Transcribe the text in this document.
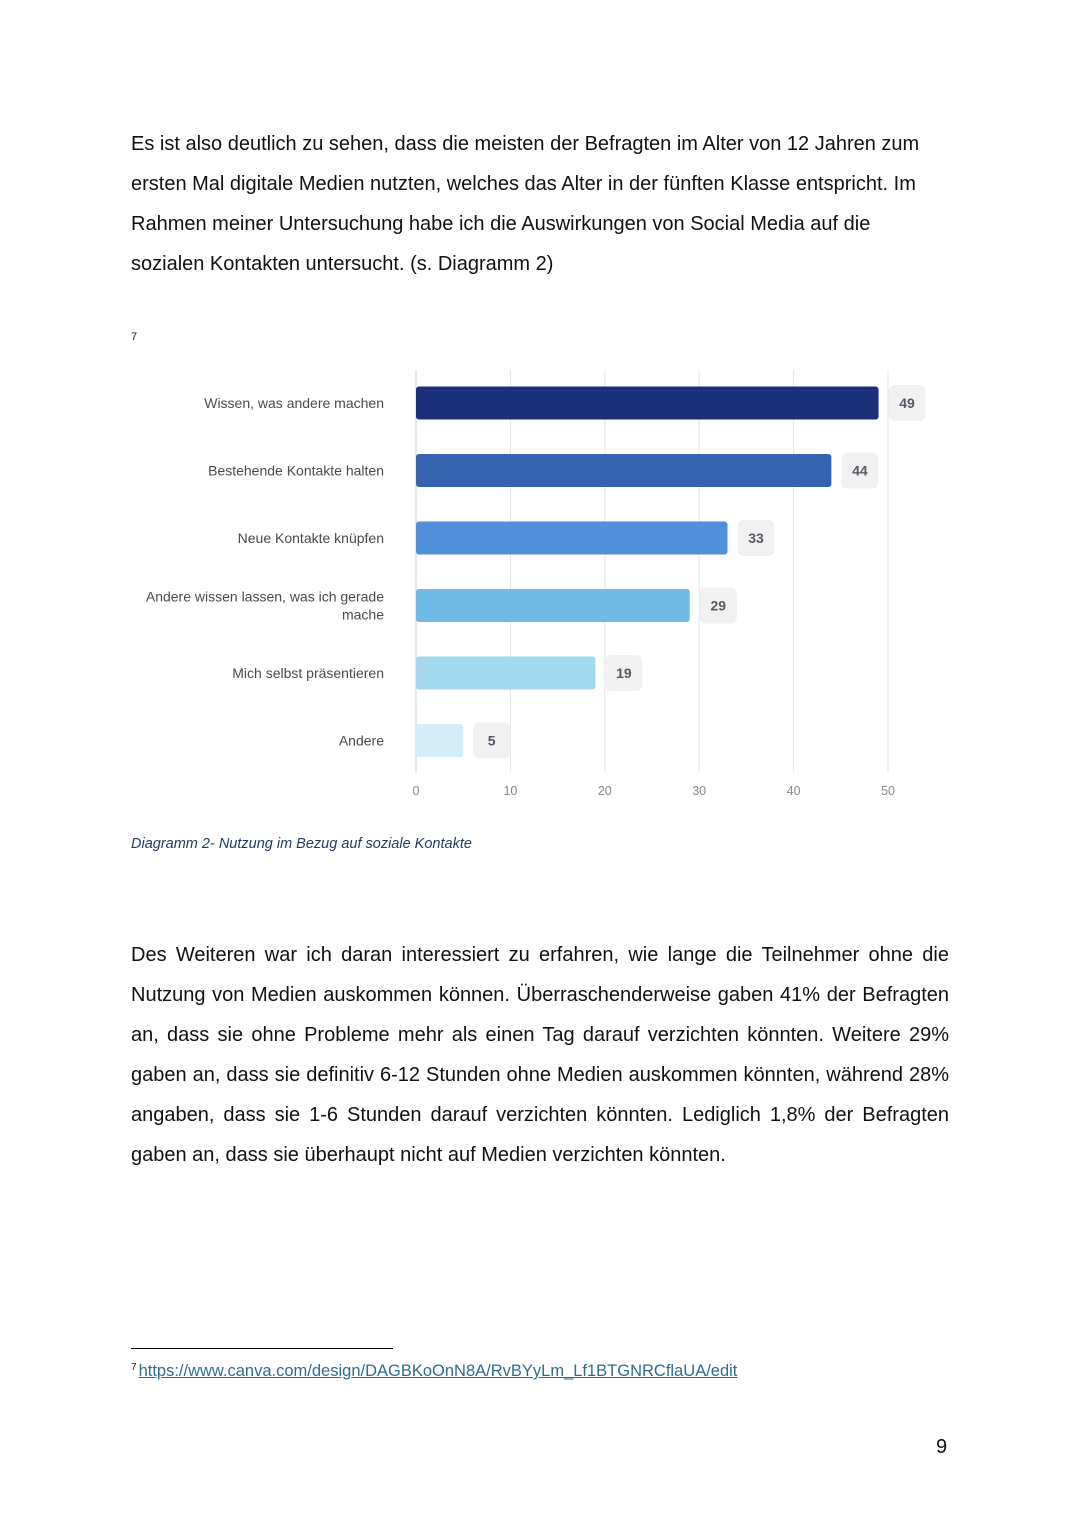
Es ist also deutlich zu sehen, dass die meisten der Befragten im Alter von 12 Jahren zum ersten Mal digitale Medien nutzten, welches das Alter in der fünften Klasse entspricht. Im Rahmen meiner Untersuchung habe ich die Auswirkungen von Social Media auf die sozialen Kontakten untersucht. (s. Diagramm 2)

7
0	10	20	30	40	50
49
Wissen, was andere machen
44
Bestehende Kontakte halten
33
Neue Kontakte knüpfen
29
Andere wissen lassen, was ich gerade mache
19
Mich selbst präsentieren
5
Andere

Diagramm 2- Nutzung im Bezug auf soziale Kontakte

Des Weiteren war ich daran interessiert zu erfahren, wie lange die Teilnehmer ohne die Nutzung von Medien auskommen können. Überraschenderweise gaben 41% der Befragten an, dass sie ohne Probleme mehr als einen Tag darauf verzichten könnten. Weitere 29% gaben an, dass sie definitiv 6-12 Stunden ohne Medien auskommen könnten, während 28% angaben, dass sie 1-6 Stunden darauf verzichten könnten. Lediglich 1,8% der Befragten gaben an, dass sie überhaupt nicht auf Medien verzichten könnten.

$^7$ https://www.canva.com/design/DAGBKoOnN8A/RvBYyLm_Lf1BTGNRCflaUA/edit
9
